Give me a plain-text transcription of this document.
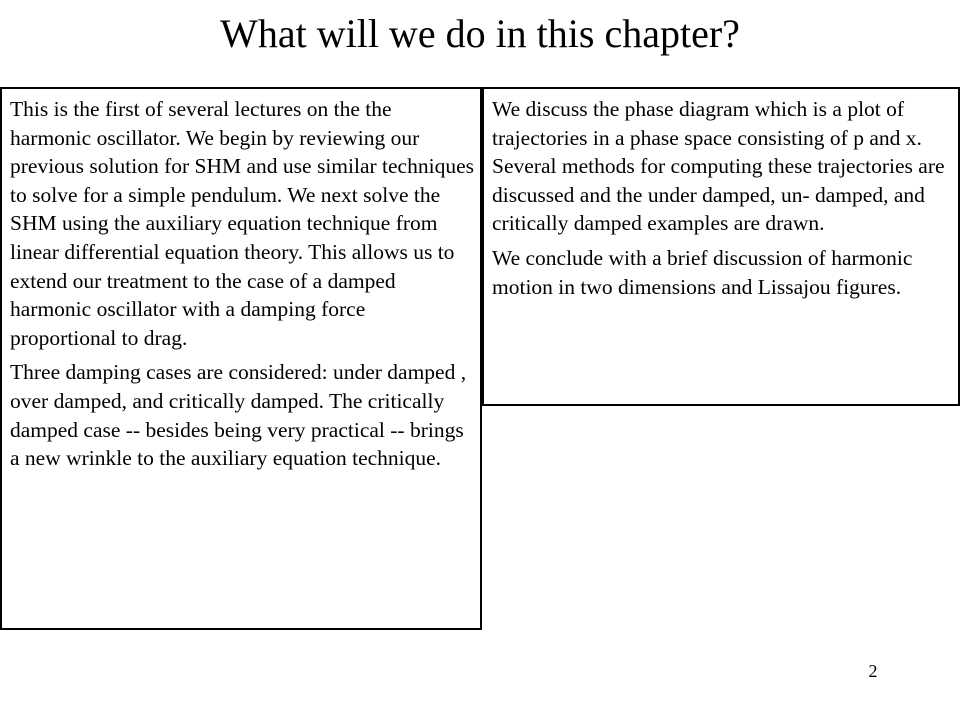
What will we do in this chapter?

This is the first of several lectures on the the harmonic oscillator. We begin by reviewing our previous solution for SHM and use similar techniques to solve for a simple pendulum. We next solve the SHM using the auxiliary equation technique from linear differential equation theory. This allows us to extend our treatment to the case of a damped harmonic oscillator with a damping force proportional to drag.

Three damping cases are considered: under damped , over damped, and critically damped. The critically damped case -- besides being very practical -- brings a new wrinkle to the auxiliary equation technique.

We discuss the phase diagram which is a plot of trajectories in a phase space consisting of p and x. Several methods for computing these trajectories are discussed and the under damped, un- damped, and critically damped examples are drawn.

We conclude with a brief discussion of harmonic motion in two dimensions and Lissajou figures.

2
